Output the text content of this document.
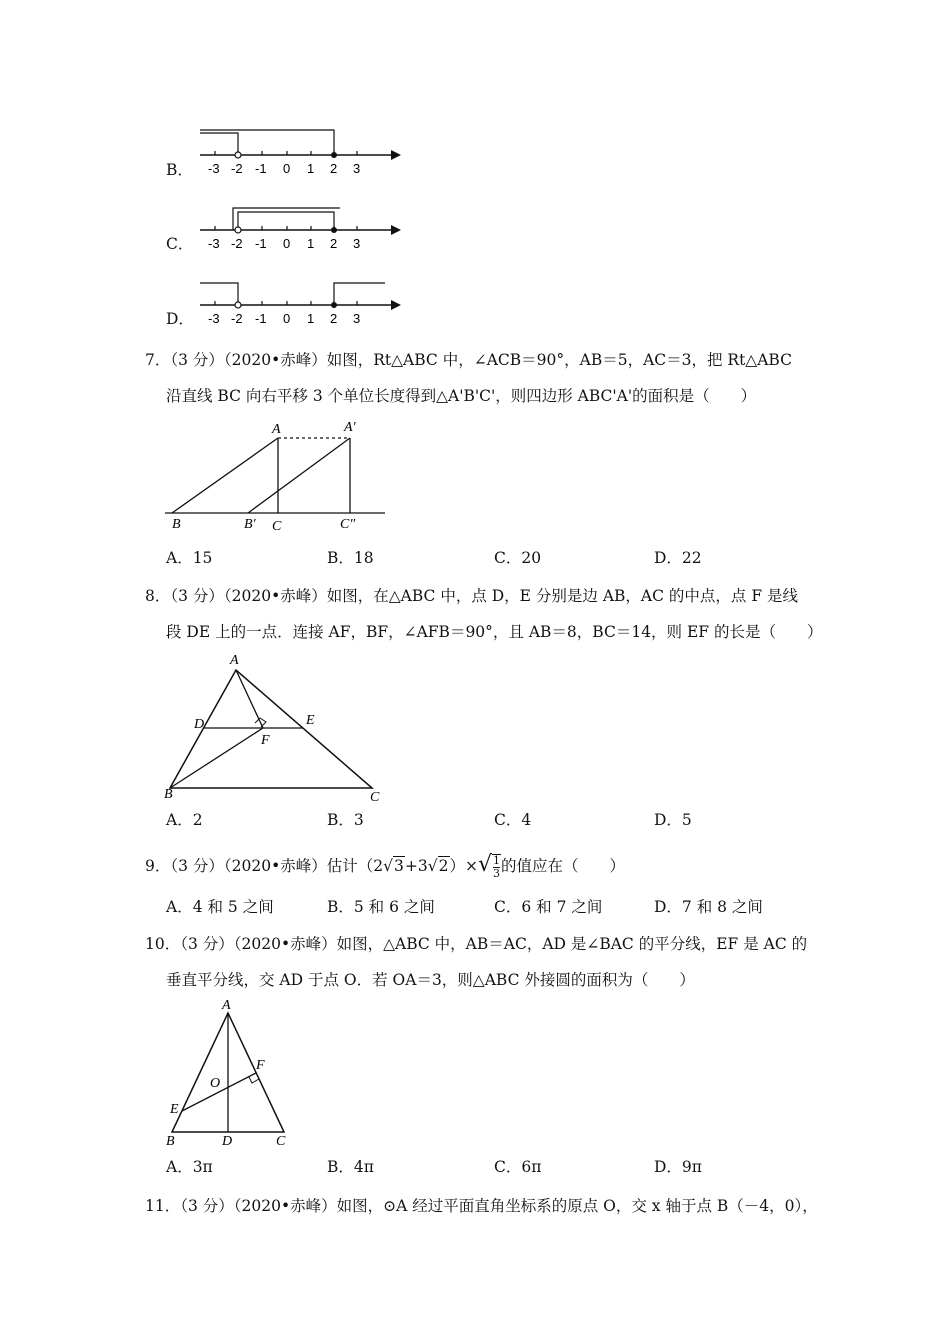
B． -3 -2 -1 0 1 2 3
C． -3 -2 -1 0 1 2 3
D． -3 -2 -1 0 1 2 3
7．（3 分）（2020•赤峰）如图，Rt△ABC 中，∠ACB＝90°，AB＝5，AC＝3，把 Rt△ABC
沿直线 BC 向右平移 3 个单位长度得到△A'B'C'，则四边形 ABC'A'的面积是（　　）
A	A′
B	B′ C	C″
A．15	B．18	C．20	D．22
8．（3 分）（2020•赤峰）如图，在△ABC 中，点 D，E 分别是边 AB，AC 的中点，点 F 是线
段 DE 上的一点．连接 AF，BF，∠AFB＝90°，且 AB＝8，BC＝14，则 EF 的长是（　　）
A
D	E
F
B	C
A．2	B．3	C．4	D．5
9．（3 分）（2020•赤峰）估计$(2√3+3√2)\times√ \frac{1}{3}$ 的值应在（　　）
A．4 和 5 之间	B．5 和 6 之间	C．6 和 7 之间	D．7 和 8 之间
10．（3 分）（2020•赤峰）如图，△ABC 中，AB＝AC，AD 是∠BAC 的平分线，EF 是 AC 的
垂直平分线，交 AD 于点 O．若 OA＝3，则△ABC 外接圆的面积为（　　）
A
F
O
E
B	D	C
A．3π	B．4π	C．6π	D．9π
11．（3 分）（2020•赤峰）如图，⊙A 经过平面直角坐标系的原点 O，交 x 轴于点 B（－4，0），
